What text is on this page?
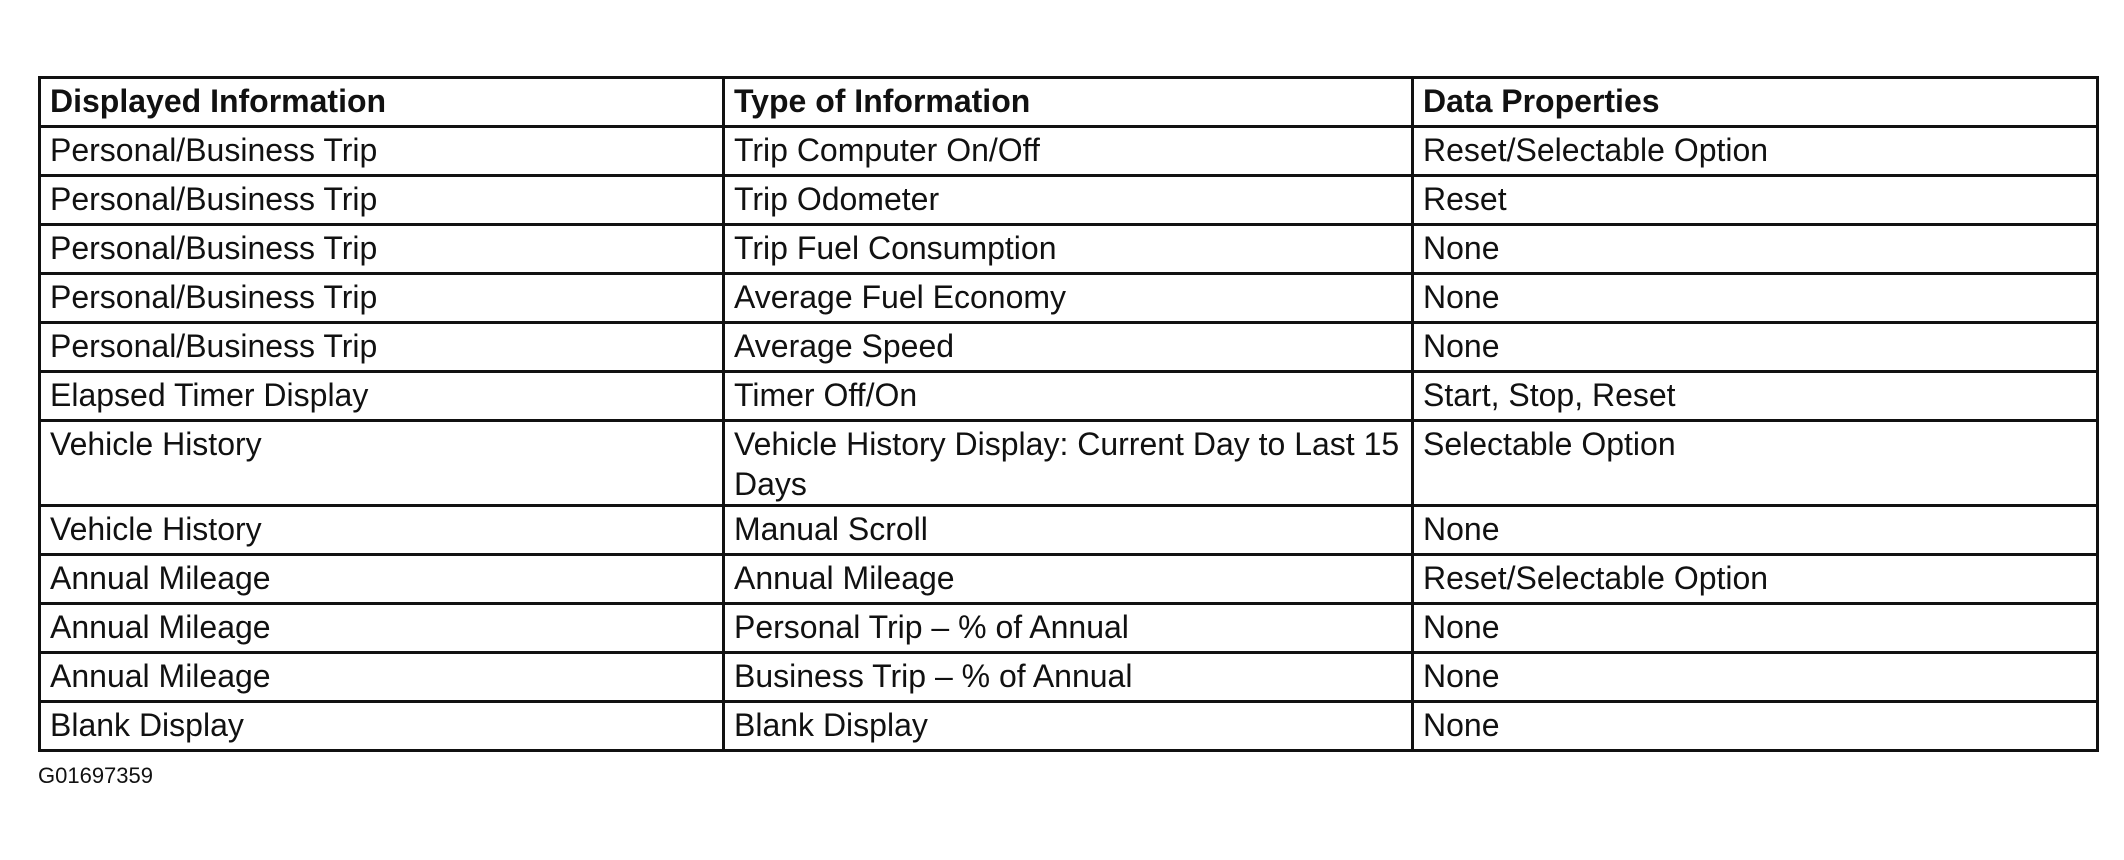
Displayed Information	Type of Information	Data Properties
Personal/Business Trip	Trip Computer On/Off	Reset/Selectable Option
Personal/Business Trip	Trip Odometer	Reset
Personal/Business Trip	Trip Fuel Consumption	None
Personal/Business Trip	Average Fuel Economy	None
Personal/Business Trip	Average Speed	None
Elapsed Timer Display	Timer Off/On	Start, Stop, Reset
Vehicle History	Vehicle History Display: Current Day to Last 15 Days	Selectable Option
Vehicle History	Manual Scroll	None
Annual Mileage	Annual Mileage	Reset/Selectable Option
Annual Mileage	Personal Trip – % of Annual	None
Annual Mileage	Business Trip – % of Annual	None
Blank Display	Blank Display	None
G01697359
